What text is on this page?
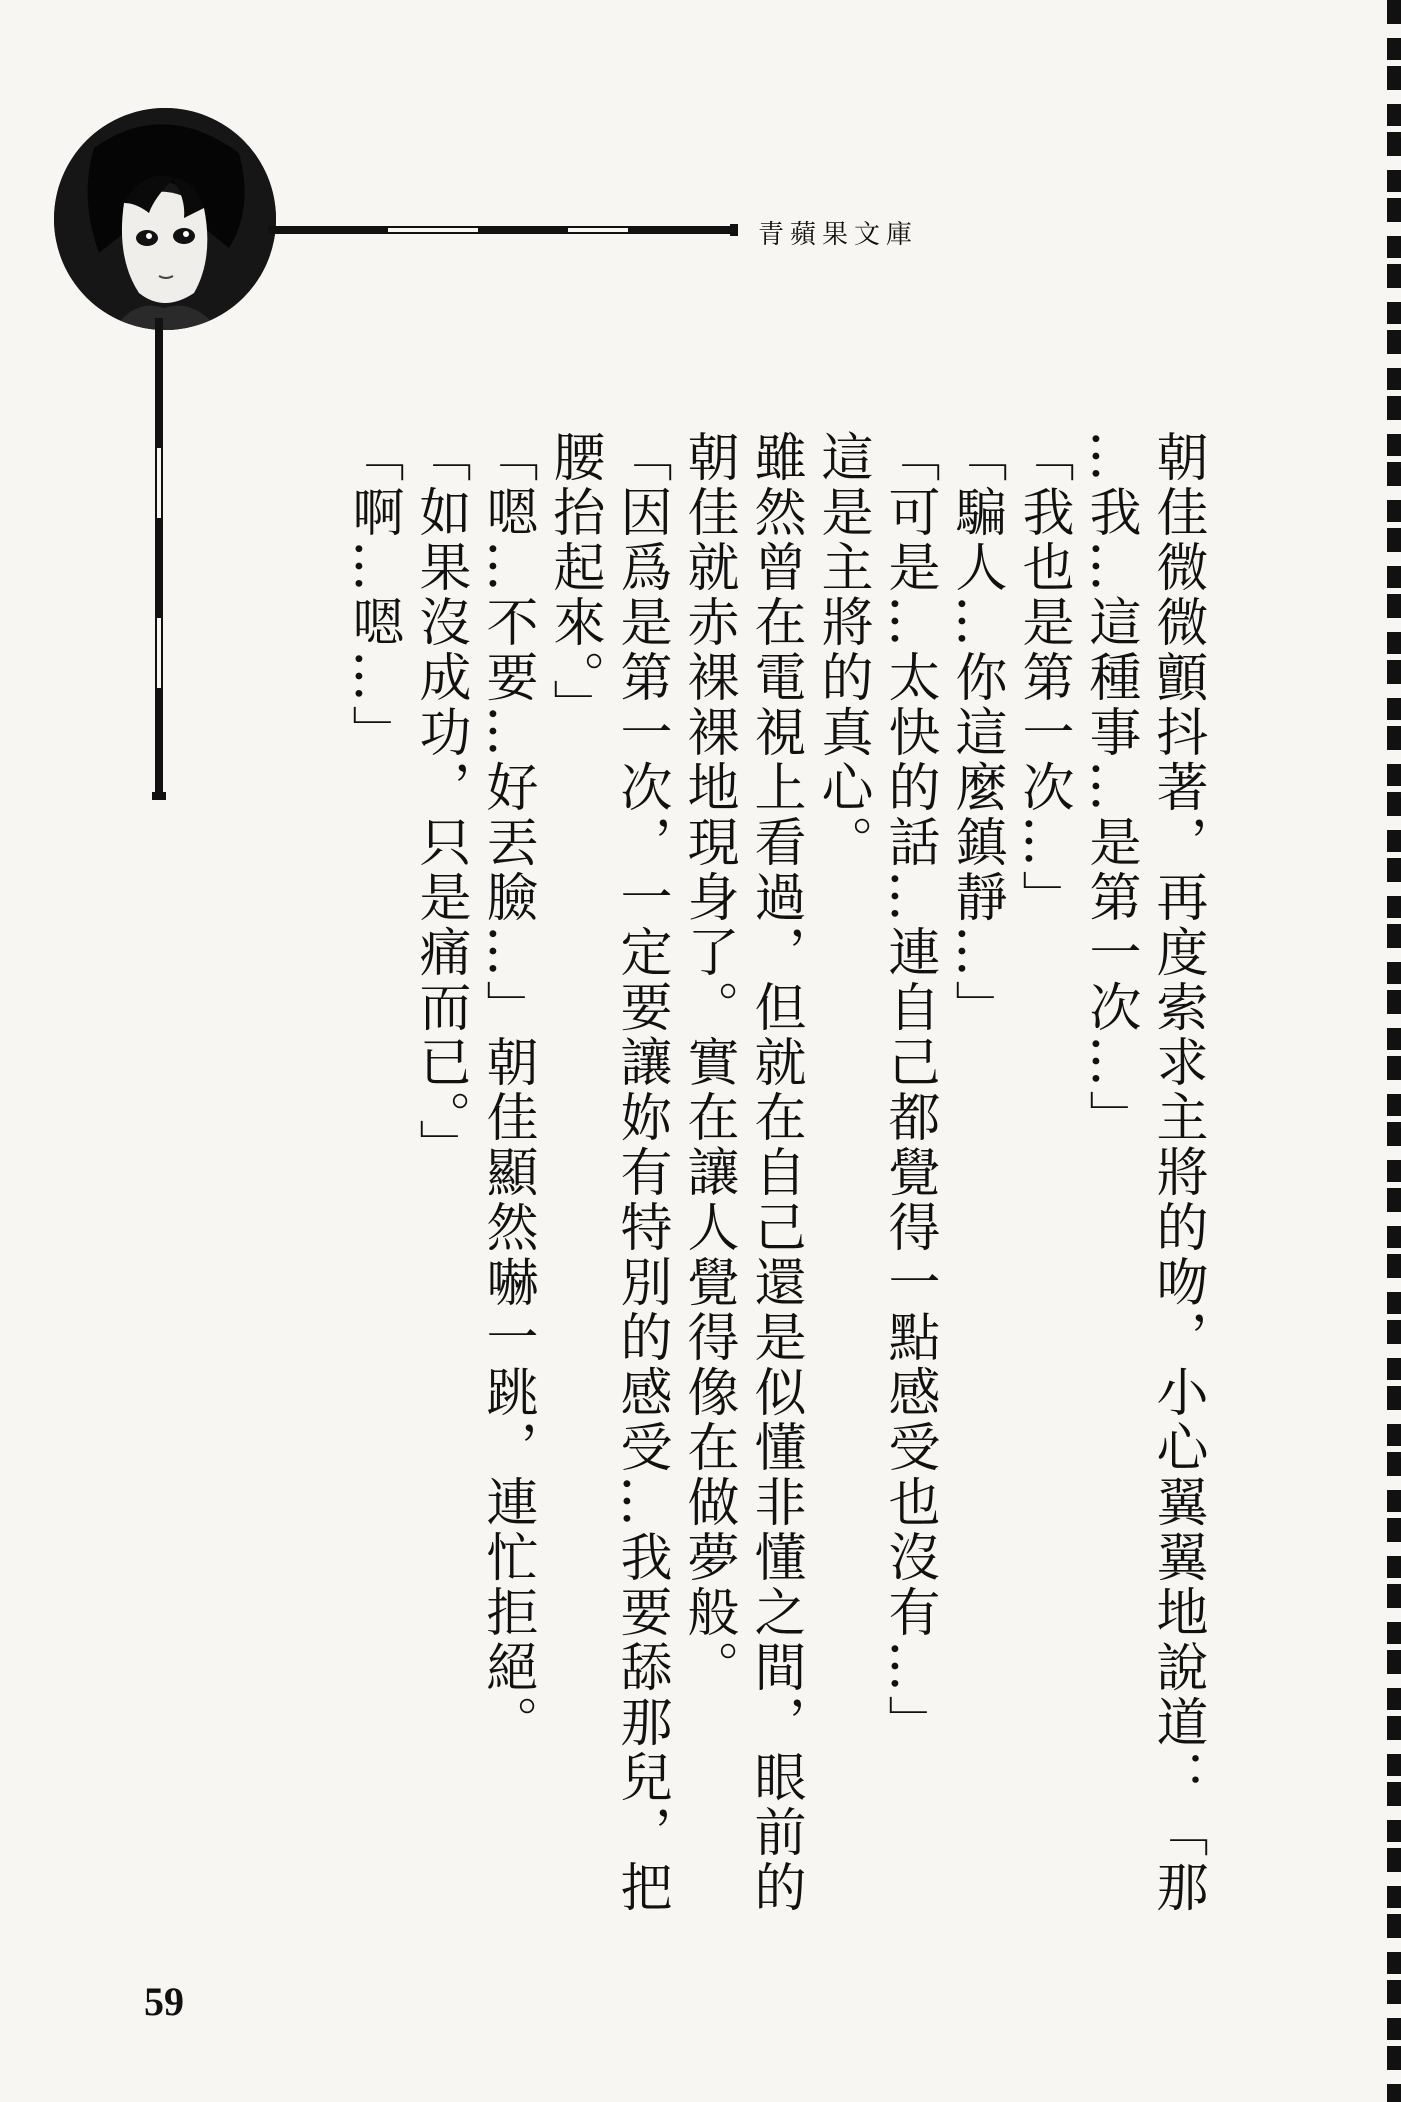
青蘋果文庫

朝佳微微顫抖著，再度索求主將的吻，小心翼翼地說道：「那

…我…這種事…是第一次…」

「我也是第一次…」

「騙人…你這麼鎮靜…」

「可是…太快的話…連自己都覺得一點感受也沒有…」

這是主將的真心。

雖然曾在電視上看過，但就在自己還是似懂非懂之間，眼前的

朝佳就赤裸裸地現身了。實在讓人覺得像在做夢般。

「因爲是第一次，一定要讓妳有特別的感受…我要舔那兒，把

腰抬起來。」

「嗯…不要…好丟臉…」朝佳顯然嚇一跳，連忙拒絕。

「如果沒成功，只是痛而已。」

「啊…嗯…」

59
